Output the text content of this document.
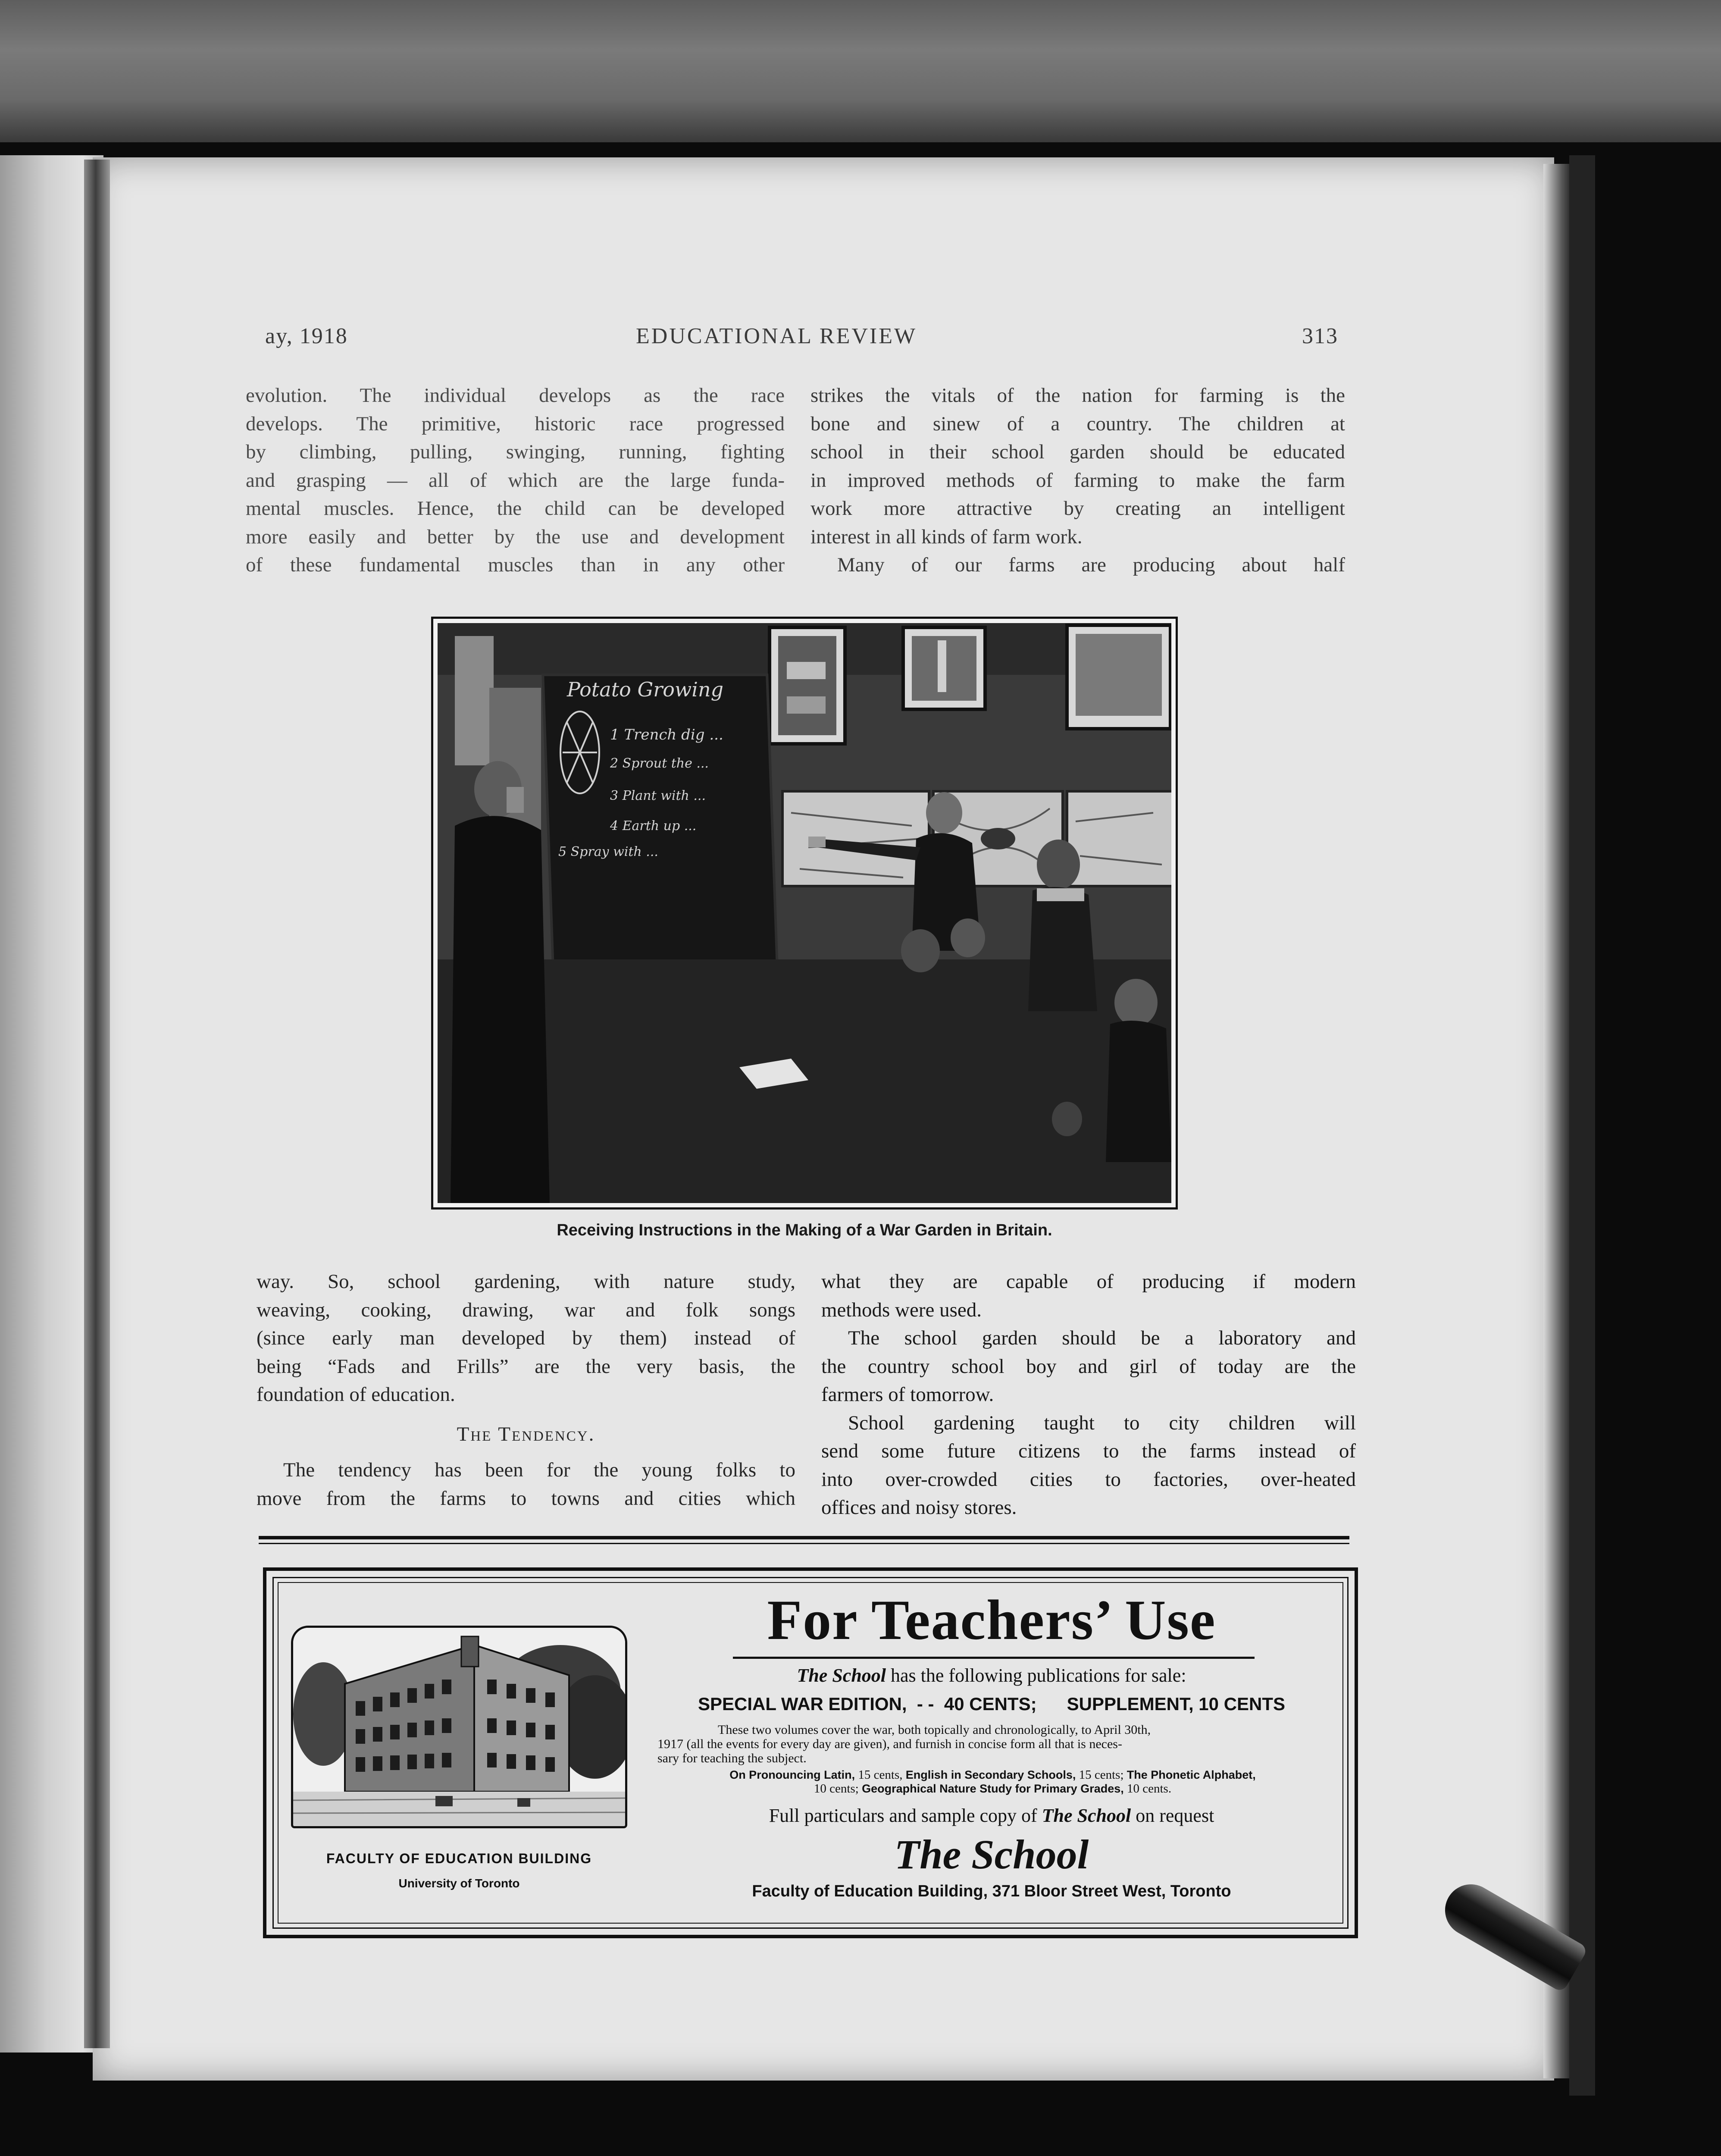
ay, 1918	EDUCATIONAL REVIEW	313
evolution. The individual develops as the race
develops. The primitive, historic race progressed
by climbing, pulling, swinging, running, fighting
and grasping — all of which are the large funda-
mental muscles. Hence, the child can be developed
more easily and better by the use and development
of these fundamental muscles than in any other
strikes the vitals of the nation for farming is the
bone and sinew of a country. The children at
school in their school garden should be educated
in improved methods of farming to make the farm
work more attractive by creating an intelligent
interest in all kinds of farm work.
Many of our farms are producing about half
Potato Growing
1 Trench dig ...
2 Sprout the ...
3 Plant with ...
4 Earth up ...
5 Spray with ...
Receiving Instructions in the Making of a War Garden in Britain.
way. So, school gardening, with nature study,
weaving, cooking, drawing, war and folk songs
(since early man developed by them) instead of
being “Fads and Frills” are the very basis, the
foundation of education.
The Tendency.
The tendency has been for the young folks to
move from the farms to towns and cities which
what they are capable of producing if modern
methods were used.
The school garden should be a laboratory and
the country school boy and girl of today are the
farmers of tomorrow.
School gardening taught to city children will
send some future citizens to the farms instead of
into over-crowded cities to factories, over-heated
offices and noisy stores.
FACULTY OF EDUCATION BUILDING
University of Toronto
For Teachers’ Use
The School has the following publications for sale:
SPECIAL WAR EDITION,  - -  40 CENTS;      SUPPLEMENT, 10 CENTS
These two volumes cover the war, both topically and chronologically, to April 30th,
1917 (all the events for every day are given), and furnish in concise form all that is neces-
sary for teaching the subject.
On Pronouncing Latin, 15 cents, English in Secondary Schools, 15 cents; The Phonetic Alphabet,
10 cents; Geographical Nature Study for Primary Grades, 10 cents.
Full particulars and sample copy of The School on request
The School
Faculty of Education Building, 371 Bloor Street West, Toronto
